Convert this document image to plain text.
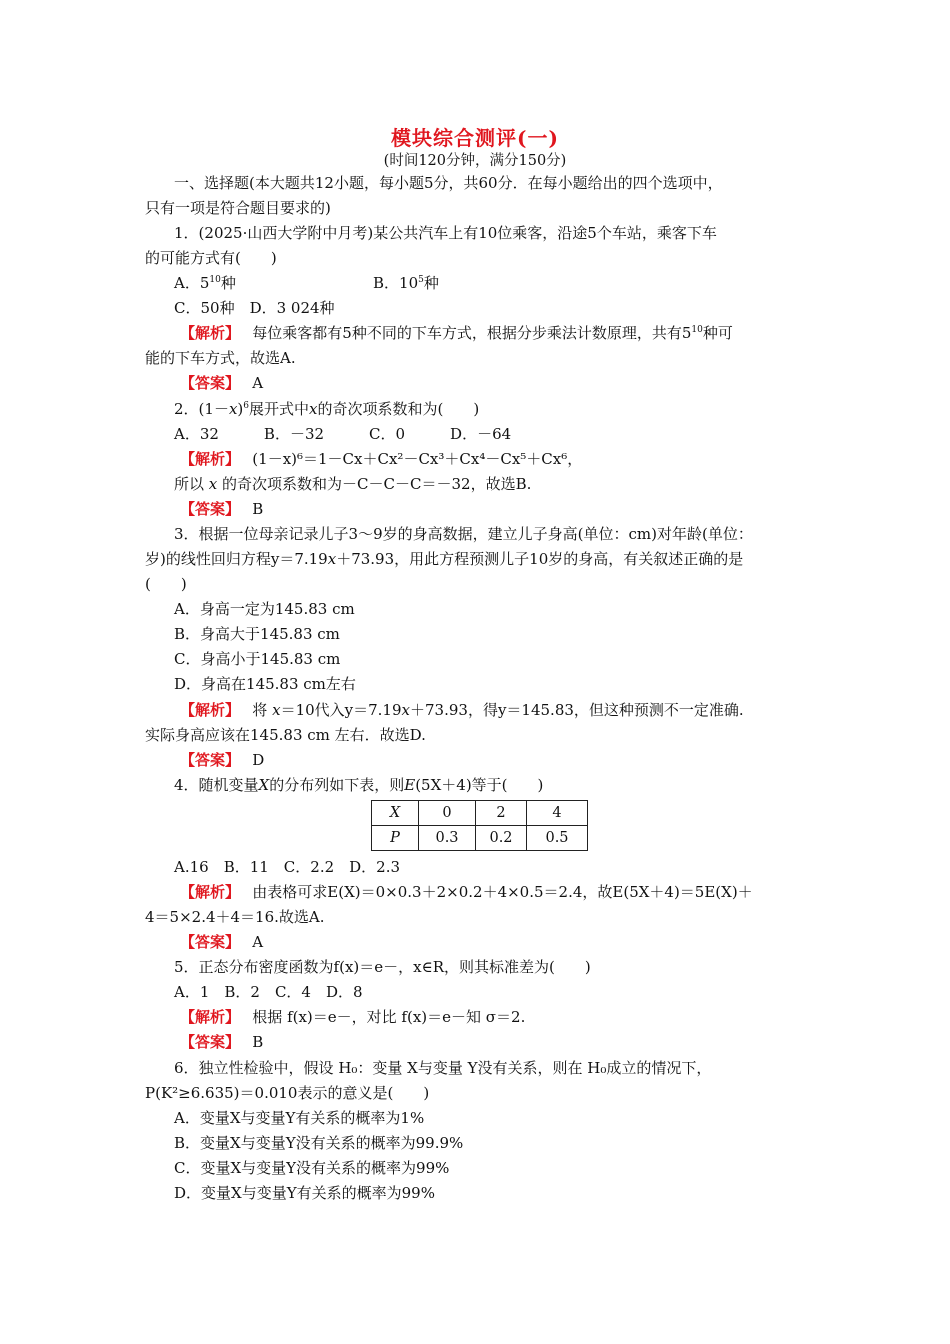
模块综合测评(一)
(时间120分钟，满分150分)
一、选择题(本大题共12小题，每小题5分，共60分．在每小题给出的四个选项中，
只有一项是符合题目要求的)
1．(2025·山西大学附中月考)某公共汽车上有10位乘客，沿途5个车站，乘客下车
的可能方式有(　　)
A．$5^{10}$种	B．$10^5$种
C．50种　D．3 024种
【解析】　 每位乘客都有5种不同的下车方式，根据分步乘法计数原理，共有$5^{10}$种可
能的下车方式，故选A.
【答案】　 A
2．$(1-x)^6$展开式中x的奇次项系数和为(　　)
A．32　　　B．－32　　　C．0　　　D．－64
【解析】　 (1－x)⁶＝1－Cx＋Cx²－Cx³＋Cx⁴－Cx⁵＋Cx⁶，
所以 x 的奇次项系数和为－C－C－C＝－32，故选B.
【答案】　 B
3．根据一位母亲记录儿子3～9岁的身高数据，建立儿子身高(单位：cm)对年龄(单位：
岁)的线性回归方程y＝7.19x＋73.93，用此方程预测儿子10岁的身高，有关叙述正确的是
(　　)
A．身高一定为145.83 cm
B．身高大于145.83 cm
C．身高小于145.83 cm
D．身高在145.83 cm左右
【解析】　 将 x＝10代入y＝7.19x＋73.93，得y＝145.83，但这种预测不一定准确.
实际身高应该在145.83 cm 左右．故选D.
【答案】　 D
4．随机变量X的分布列如下表，则E(5X＋4)等于(　　)
X	0	2	4
P	0.3	0.2	0.5
A.16　B．11　C．2.2　D．2.3
【解析】　 由表格可求E(X)＝0×0.3＋2×0.2＋4×0.5＝2.4，故E(5X＋4)＝5E(X)＋
4＝5×2.4＋4＝16.故选A.
【答案】　 A
5．正态分布密度函数为f(x)＝e－，x∈R，则其标准差为(　　)
A．1　B．2　C．4　D．8
【解析】　 根据 f(x)＝e－，对比 f(x)＝e－知 σ＝2.
【答案】　 B
6．独立性检验中，假设 H₀：变量 X与变量 Y没有关系，则在 H₀成立的情况下，
P(K²≥6.635)＝0.010表示的意义是(　　)
A．变量X与变量Y有关系的概率为1%
B．变量X与变量Y没有关系的概率为99.9%
C．变量X与变量Y没有关系的概率为99%
D．变量X与变量Y有关系的概率为99%
